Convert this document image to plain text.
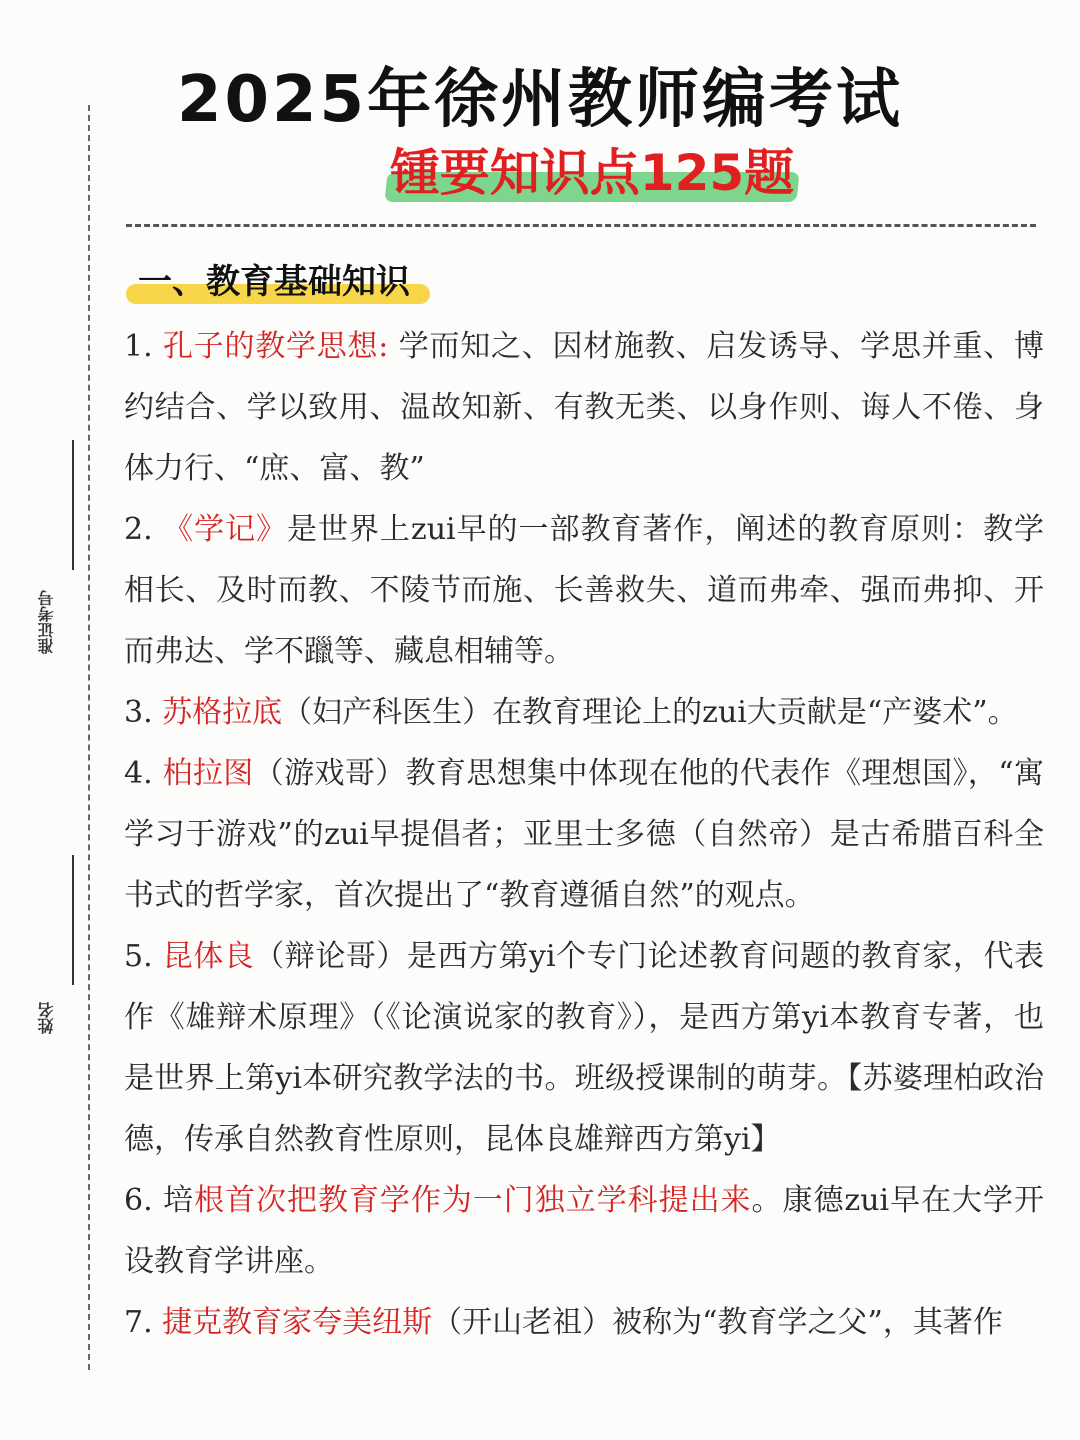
2025年徐州教师编考试
锺要知识点125题
准证考号
姓名
一、教育基础知识

1. 孔子的教学思想: 学而知之、因材施教、启发诱导、学思并重、博约结合、学以致用、温故知新、有教无类、以身作则、诲人不倦、身体力行、“庶、富、教”

2. 《学记》是世界上zui早的一部教育著作，阐述的教育原则：教学相长、及时而教、不陵节而施、长善救失、道而弗牵、强而弗抑、开而弗达、学不躐等、藏息相辅等。

3. 苏格拉底（妇产科医生）在教育理论上的zui大贡献是“产婆术”。

4. 柏拉图（游戏哥）教育思想集中体现在他的代表作《理想国》，“寓学习于游戏”的zui早提倡者；亚里士多德（自然帝）是古希腊百科全书式的哲学家，首次提出了“教育遵循自然”的观点。

5. 昆体良（辩论哥）是西方第yi个专门论述教育问题的教育家，代表作《雄辩术原理》（《论演说家的教育》），是西方第yi本教育专著，也是世界上第yi本研究教学法的书。班级授课制的萌芽。【苏婆理柏政治德，传承自然教育性原则，昆体良雄辩西方第yi】

6. 培根首次把教育学作为一门独立学科提出来。康德zui早在大学开设教育学讲座。

7. 捷克教育家夸美纽斯（开山老祖）被称为“教育学之父”，其著作
